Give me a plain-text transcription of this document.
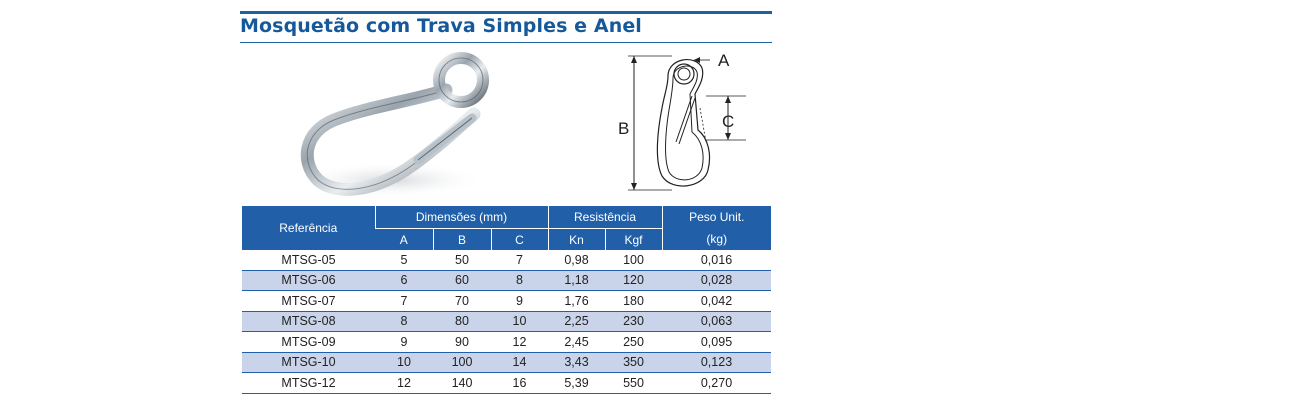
Mosquetão com Trava Simples e Anel
B
A
C
Referência	Dimensões (mm)			Resistência		Peso Unit.
	A	B	C	Kn	Kgf	(kg)
MTSG-05	5	50	7	0,98	100	0,016
MTSG-06	6	60	8	1,18	120	0,028
MTSG-07	7	70	9	1,76	180	0,042
MTSG-08	8	80	10	2,25	230	0,063
MTSG-09	9	90	12	2,45	250	0,095
MTSG-10	10	100	14	3,43	350	0,123
MTSG-12	12	140	16	5,39	550	0,270
